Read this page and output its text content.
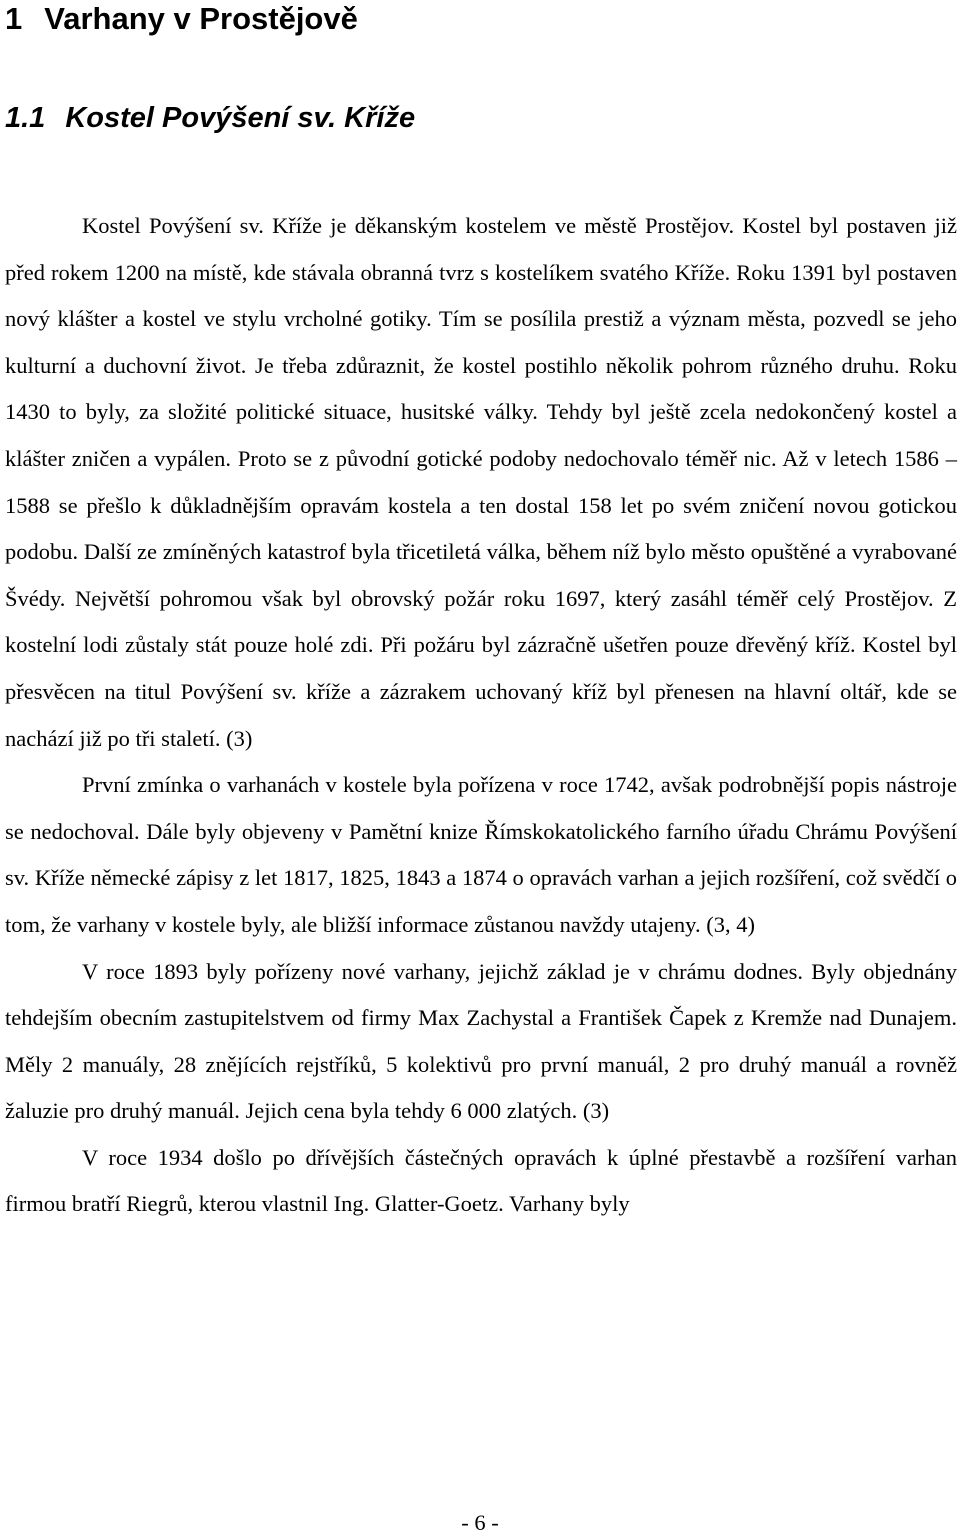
1 Varhany v Prostějově
1.1 Kostel Povýšení sv. Kříže

Kostel Povýšení sv. Kříže je děkanským kostelem ve městě Prostějov. Kostel byl postaven již před rokem 1200 na místě, kde stávala obranná tvrz s kostelíkem svatého Kříže. Roku 1391 byl postaven nový klášter a kostel ve stylu vrcholné gotiky. Tím se posílila prestiž a význam města, pozvedl se jeho kulturní a duchovní život. Je třeba zdůraznit, že kostel postihlo několik pohrom různého druhu. Roku 1430 to byly, za složité politické situace, husitské války. Tehdy byl ještě zcela nedokončený kostel a klášter zničen a vypálen. Proto se z původní gotické podoby nedochovalo téměř nic. Až v letech 1586 – 1588 se přešlo k důkladnějším opravám kostela a ten dostal 158 let po svém zničení novou gotickou podobu. Další ze zmíněných katastrof byla třicetiletá válka, během níž bylo město opuštěné a vyrabované Švédy. Největší pohromou však byl obrovský požár roku 1697, který zasáhl téměř celý Prostějov. Z kostelní lodi zůstaly stát pouze holé zdi. Při požáru byl zázračně ušetřen pouze dřevěný kříž. Kostel byl přesvěcen na titul Povýšení sv. kříže a zázrakem uchovaný kříž byl přenesen na hlavní oltář, kde se nachází již po tři staletí. (3)

První zmínka o varhanách v kostele byla pořízena v roce 1742, avšak podrobnější popis nástroje se nedochoval. Dále byly objeveny v Pamětní knize Římskokatolického farního úřadu Chrámu Povýšení sv. Kříže německé zápisy z let 1817, 1825, 1843 a 1874 o opravách varhan a jejich rozšíření, což svědčí o tom, že varhany v kostele byly, ale bližší informace zůstanou navždy utajeny. (3, 4)

V roce 1893 byly pořízeny nové varhany, jejichž základ je v chrámu dodnes. Byly objednány tehdejším obecním zastupitelstvem od firmy Max Zachystal a František Čapek z Kremže nad Dunajem. Měly 2 manuály, 28 znějících rejstříků, 5 kolektivů pro první manuál, 2 pro druhý manuál a rovněž žaluzie pro druhý manuál. Jejich cena byla tehdy 6 000 zlatých. (3)

V roce 1934 došlo po dřívějších částečných opravách k úplné přestavbě a rozšíření varhan firmou bratří Riegrů, kterou vlastnil Ing. Glatter-Goetz. Varhany byly

- 6 -
